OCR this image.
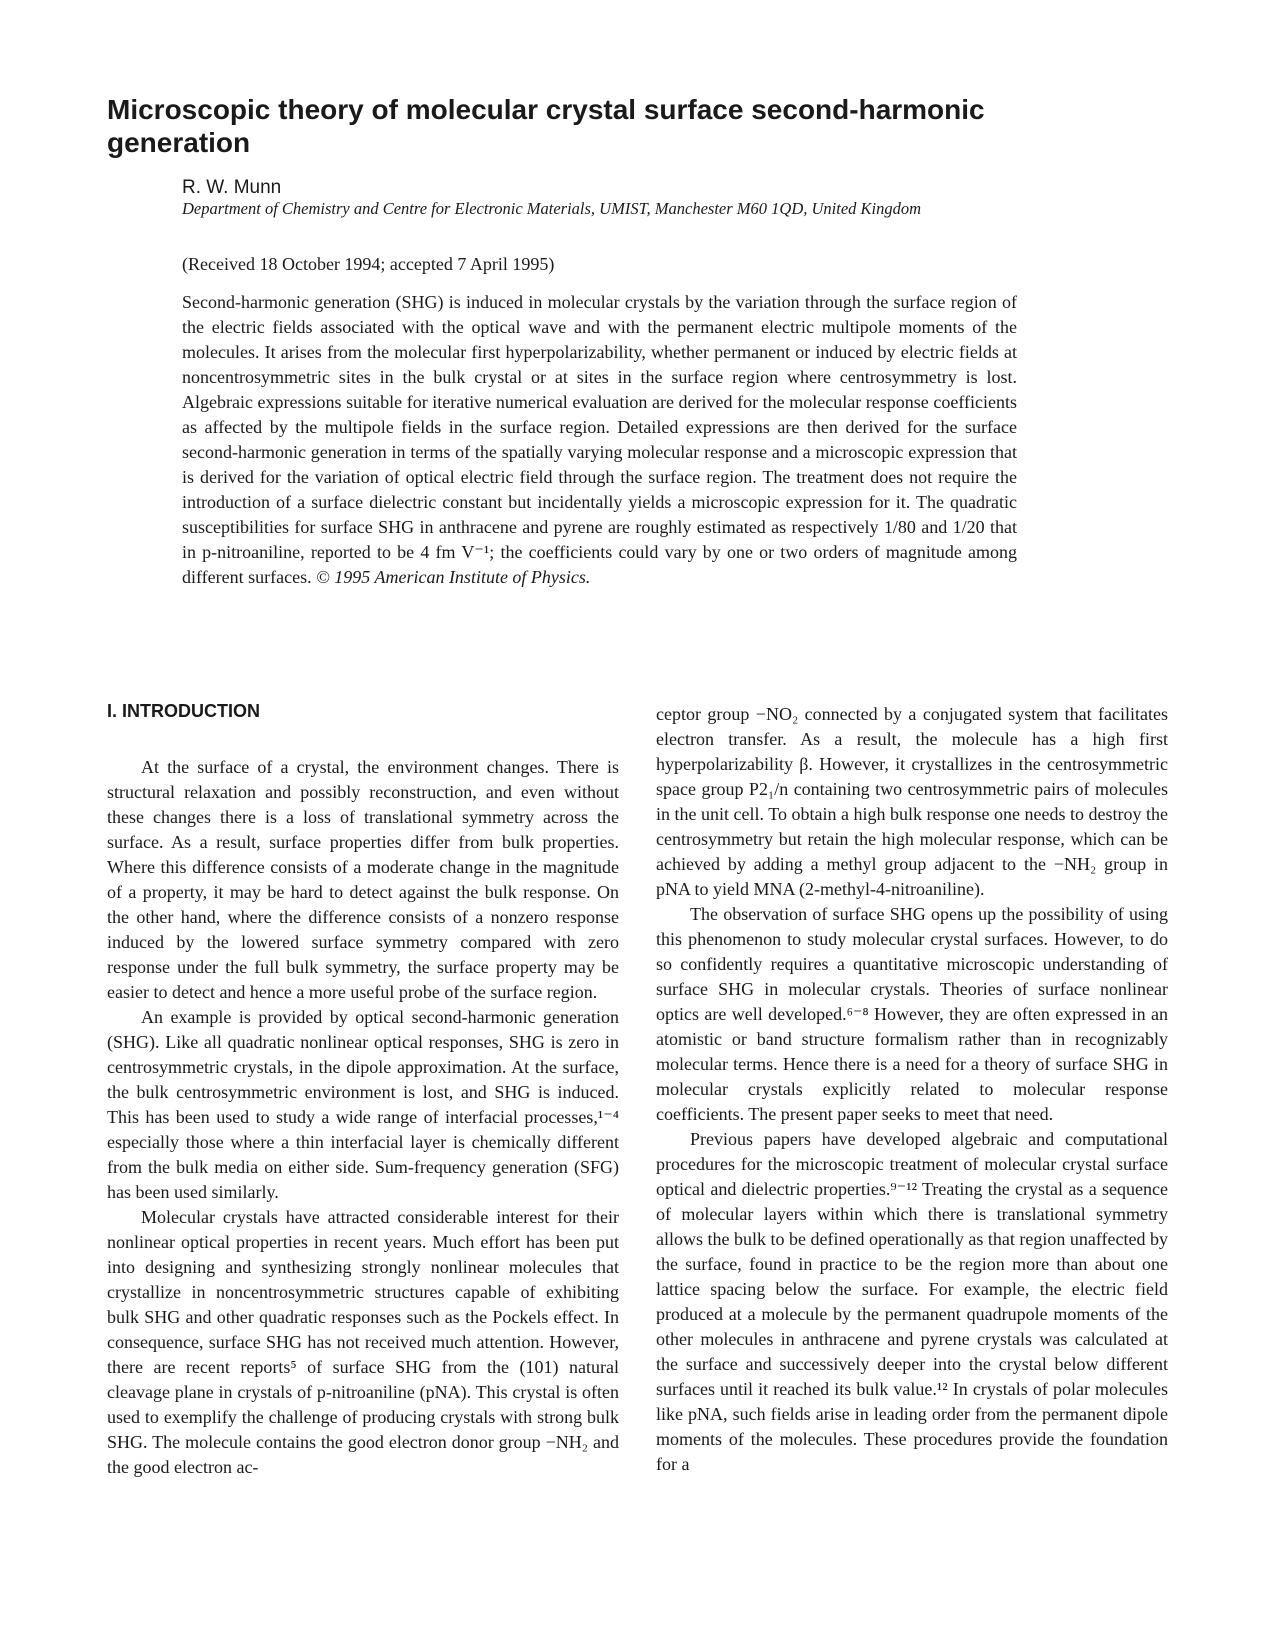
Microscopic theory of molecular crystal surface second-harmonic generation
R. W. Munn
Department of Chemistry and Centre for Electronic Materials, UMIST, Manchester M60 1QD, United Kingdom
(Received 18 October 1994; accepted 7 April 1995)

Second-harmonic generation (SHG) is induced in molecular crystals by the variation through the surface region of the electric fields associated with the optical wave and with the permanent electric multipole moments of the molecules. It arises from the molecular first hyperpolarizability, whether permanent or induced by electric fields at noncentrosymmetric sites in the bulk crystal or at sites in the surface region where centrosymmetry is lost. Algebraic expressions suitable for iterative numerical evaluation are derived for the molecular response coefficients as affected by the multipole fields in the surface region. Detailed expressions are then derived for the surface second-harmonic generation in terms of the spatially varying molecular response and a microscopic expression that is derived for the variation of optical electric field through the surface region. The treatment does not require the introduction of a surface dielectric constant but incidentally yields a microscopic expression for it. The quadratic susceptibilities for surface SHG in anthracene and pyrene are roughly estimated as respectively 1/80 and 1/20 that in p-nitroaniline, reported to be 4 fm V⁻¹; the coefficients could vary by one or two orders of magnitude among different surfaces. © 1995 American Institute of Physics.

I. INTRODUCTION

At the surface of a crystal, the environment changes. There is structural relaxation and possibly reconstruction, and even without these changes there is a loss of translational symmetry across the surface. As a result, surface properties differ from bulk properties. Where this difference consists of a moderate change in the magnitude of a property, it may be hard to detect against the bulk response. On the other hand, where the difference consists of a nonzero response induced by the lowered surface symmetry compared with zero response under the full bulk symmetry, the surface property may be easier to detect and hence a more useful probe of the surface region.

An example is provided by optical second-harmonic generation (SHG). Like all quadratic nonlinear optical responses, SHG is zero in centrosymmetric crystals, in the dipole approximation. At the surface, the bulk centrosymmetric environment is lost, and SHG is induced. This has been used to study a wide range of interfacial processes,¹⁻⁴ especially those where a thin interfacial layer is chemically different from the bulk media on either side. Sum-frequency generation (SFG) has been used similarly.

Molecular crystals have attracted considerable interest for their nonlinear optical properties in recent years. Much effort has been put into designing and synthesizing strongly nonlinear molecules that crystallize in noncentrosymmetric structures capable of exhibiting bulk SHG and other quadratic responses such as the Pockels effect. In consequence, surface SHG has not received much attention. However, there are recent reports⁵ of surface SHG from the (101) natural cleavage plane in crystals of p-nitroaniline (pNA). This crystal is often used to exemplify the challenge of producing crystals with strong bulk SHG. The molecule contains the good electron donor group −NH₂ and the good electron ac-

ceptor group −NO₂ connected by a conjugated system that facilitates electron transfer. As a result, the molecule has a high first hyperpolarizability β. However, it crystallizes in the centrosymmetric space group P2₁/n containing two centrosymmetric pairs of molecules in the unit cell. To obtain a high bulk response one needs to destroy the centrosymmetry but retain the high molecular response, which can be achieved by adding a methyl group adjacent to the −NH₂ group in pNA to yield MNA (2-methyl-4-nitroaniline).

The observation of surface SHG opens up the possibility of using this phenomenon to study molecular crystal surfaces. However, to do so confidently requires a quantitative microscopic understanding of surface SHG in molecular crystals. Theories of surface nonlinear optics are well developed.⁶⁻⁸ However, they are often expressed in an atomistic or band structure formalism rather than in recognizably molecular terms. Hence there is a need for a theory of surface SHG in molecular crystals explicitly related to molecular response coefficients. The present paper seeks to meet that need.

Previous papers have developed algebraic and computational procedures for the microscopic treatment of molecular crystal surface optical and dielectric properties.⁹⁻¹² Treating the crystal as a sequence of molecular layers within which there is translational symmetry allows the bulk to be defined operationally as that region unaffected by the surface, found in practice to be the region more than about one lattice spacing below the surface. For example, the electric field produced at a molecule by the permanent quadrupole moments of the other molecules in anthracene and pyrene crystals was calculated at the surface and successively deeper into the crystal below different surfaces until it reached its bulk value.¹² In crystals of polar molecules like pNA, such fields arise in leading order from the permanent dipole moments of the molecules. These procedures provide the foundation for a
